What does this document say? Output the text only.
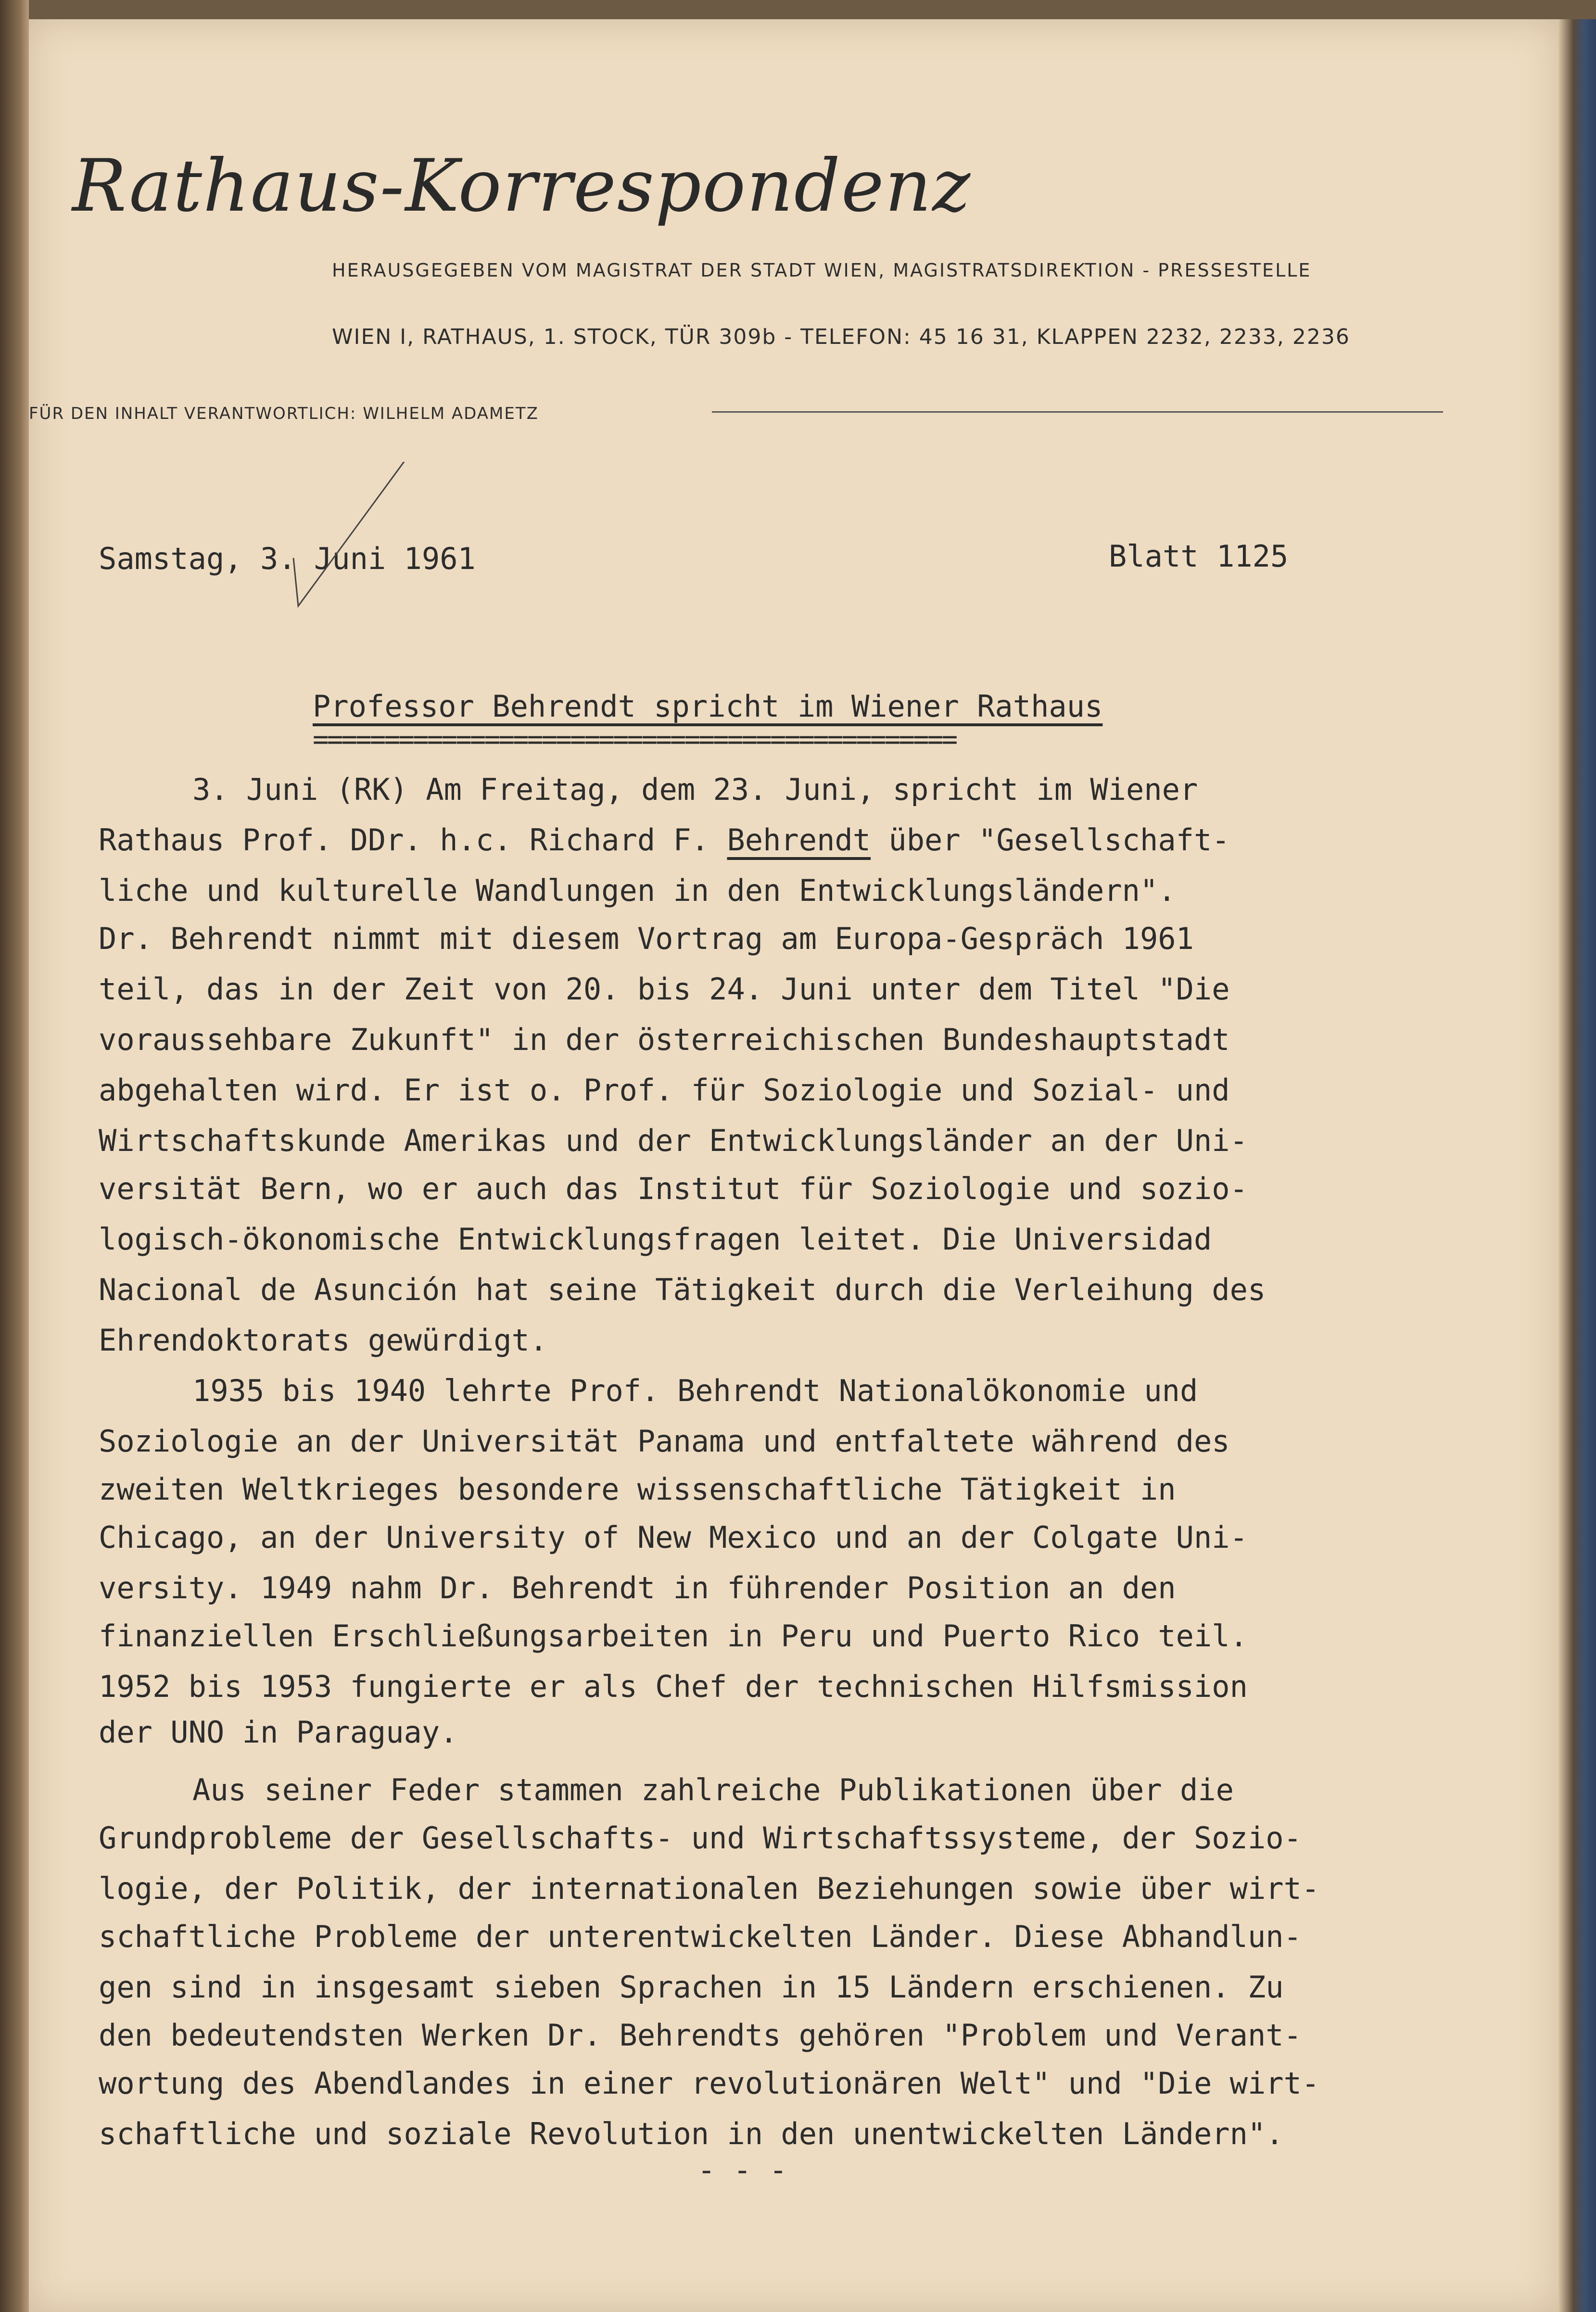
Rathaus-Korrespondenz
HERAUSGEGEBEN VOM MAGISTRAT DER STADT WIEN, MAGISTRATSDIREKTION - PRESSESTELLE
WIEN I, RATHAUS, 1. STOCK, TÜR 309b - TELEFON: 45 16 31, KLAPPEN 2232, 2233, 2236
FÜR DEN INHALT VERANTWORTLICH: WILHELM ADAMETZ
Samstag, 3. Juni 1961	Blatt 1125
Professor Behrendt spricht im Wiener Rathaus
=============================================
3. Juni (RK) Am Freitag, dem 23. Juni, spricht im Wiener
Rathaus Prof. DDr. h.c. Richard F. Behrendt über "Gesellschaft-
liche und kulturelle Wandlungen in den Entwicklungsländern".
Dr. Behrendt nimmt mit diesem Vortrag am Europa-Gespräch 1961
teil, das in der Zeit von 20. bis 24. Juni unter dem Titel "Die
voraussehbare Zukunft" in der österreichischen Bundeshauptstadt
abgehalten wird. Er ist o. Prof. für Soziologie und Sozial- und
Wirtschaftskunde Amerikas und der Entwicklungsländer an der Uni-
versität Bern, wo er auch das Institut für Soziologie und sozio-
logisch-ökonomische Entwicklungsfragen leitet. Die Universidad
Nacional de Asunción hat seine Tätigkeit durch die Verleihung des
Ehrendoktorats gewürdigt.
1935 bis 1940 lehrte Prof. Behrendt Nationalökonomie und
Soziologie an der Universität Panama und entfaltete während des
zweiten Weltkrieges besondere wissenschaftliche Tätigkeit in
Chicago, an der University of New Mexico und an der Colgate Uni-
versity. 1949 nahm Dr. Behrendt in führender Position an den
finanziellen Erschließungsarbeiten in Peru und Puerto Rico teil.
1952 bis 1953 fungierte er als Chef der technischen Hilfsmission
der UNO in Paraguay.
Aus seiner Feder stammen zahlreiche Publikationen über die
Grundprobleme der Gesellschafts- und Wirtschaftssysteme, der Sozio-
logie, der Politik, der internationalen Beziehungen sowie über wirt-
schaftliche Probleme der unterentwickelten Länder. Diese Abhandlun-
gen sind in insgesamt sieben Sprachen in 15 Ländern erschienen. Zu
den bedeutendsten Werken Dr. Behrendts gehören "Problem und Verant-
wortung des Abendlandes in einer revolutionären Welt" und "Die wirt-
schaftliche und soziale Revolution in den unentwickelten Ländern".
- - -
